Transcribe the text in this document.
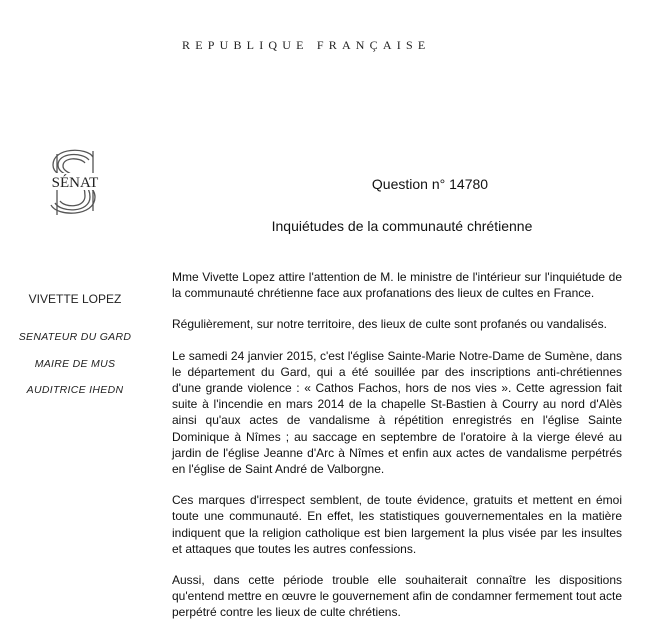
REPUBLIQUE FRANÇAISE
SÉNAT
VIVETTE LOPEZ
SENATEUR DU GARD
MAIRE DE MUS
AUDITRICE IHEDN
Question n° 14780
Inquiétudes de la communauté chrétienne

Mme Vivette Lopez attire l'attention de M. le ministre de l'intérieur sur l'inquiétude de la communauté chrétienne face aux profanations des lieux de cultes en France.

Régulièrement, sur notre territoire, des lieux de culte sont profanés ou vandalisés.

Le samedi 24 janvier 2015, c'est l'église Sainte-Marie Notre-Dame de Sumène, dans le département du Gard, qui a été souillée par des inscriptions anti-chrétiennes d'une grande violence : « Cathos Fachos, hors de nos vies ». Cette agression fait suite à l'incendie en mars 2014 de la chapelle St-Bastien à Courry au nord d'Alès ainsi qu'aux actes de vandalisme à répétition enregistrés en l'église Sainte Dominique à Nîmes ; au saccage en septembre de l'oratoire à la vierge élevé au jardin de l'église Jeanne d'Arc à Nîmes et enfin aux actes de vandalisme perpétrés en l'église de Saint André de Valborgne.

Ces marques d'irrespect semblent, de toute évidence, gratuits et mettent en émoi toute une communauté. En effet, les statistiques gouvernementales en la matière indiquent que la religion catholique est bien largement la plus visée par les insultes et attaques que toutes les autres confessions.

Aussi, dans cette période trouble elle souhaiterait connaître les dispositions qu'entend mettre en œuvre le gouvernement afin de condamner fermement tout acte perpétré contre les lieux de culte chrétiens.
